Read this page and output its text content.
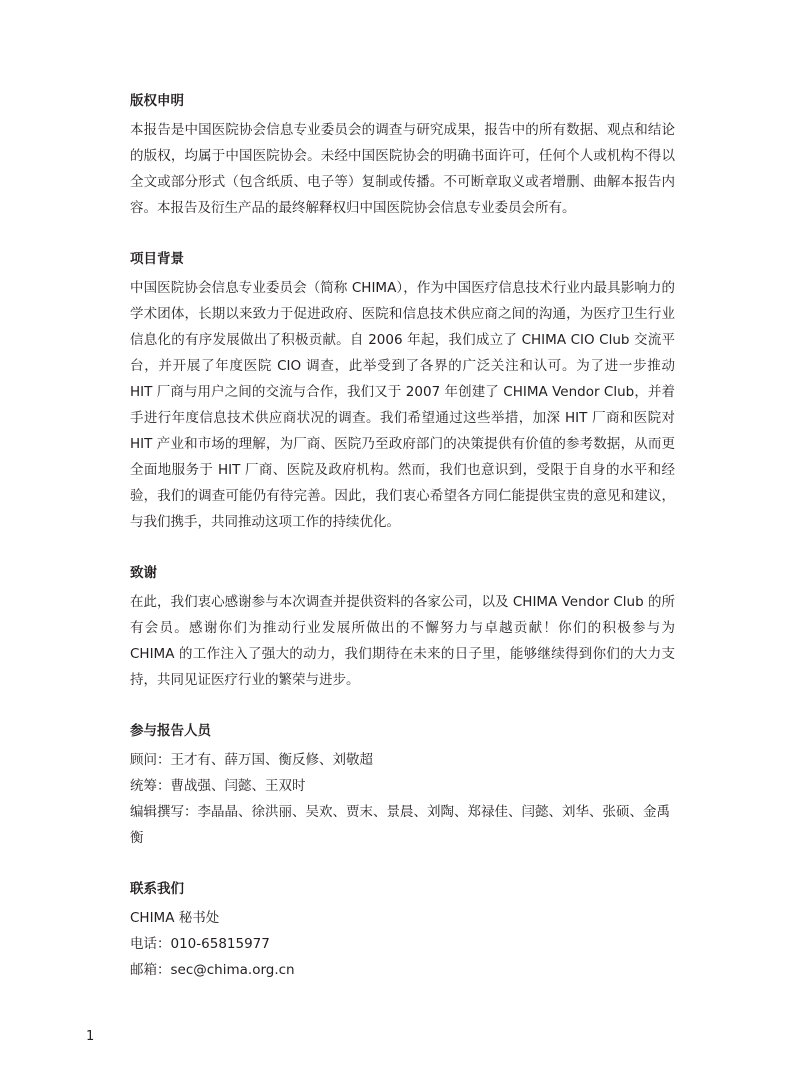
版权申明

本报告是中国医院协会信息专业委员会的调查与研究成果，报告中的所有数据、观点和结论的版权，均属于中国医院协会。未经中国医院协会的明确书面许可，任何个人或机构不得以全文或部分形式（包含纸质、电子等）复制或传播。不可断章取义或者增删、曲解本报告内容。本报告及衍生产品的最终解释权归中国医院协会信息专业委员会所有。

项目背景

中国医院协会信息专业委员会（简称 CHIMA），作为中国医疗信息技术行业内最具影响力的学术团体，长期以来致力于促进政府、医院和信息技术供应商之间的沟通，为医疗卫生行业信息化的有序发展做出了积极贡献。自 2006 年起，我们成立了 CHIMA CIO Club 交流平台，并开展了年度医院 CIO 调查，此举受到了各界的广泛关注和认可。为了进一步推动 HIT 厂商与用户之间的交流与合作，我们又于 2007 年创建了 CHIMA Vendor Club，并着手进行年度信息技术供应商状况的调查。我们希望通过这些举措，加深 HIT 厂商和医院对 HIT 产业和市场的理解，为厂商、医院乃至政府部门的决策提供有价值的参考数据，从而更全面地服务于 HIT 厂商、医院及政府机构。然而，我们也意识到，受限于自身的水平和经验，我们的调查可能仍有待完善。因此，我们衷心希望各方同仁能提供宝贵的意见和建议，与我们携手，共同推动这项工作的持续优化。

致谢

在此，我们衷心感谢参与本次调查并提供资料的各家公司，以及 CHIMA Vendor Club 的所有会员。感谢你们为推动行业发展所做出的不懈努力与卓越贡献！你们的积极参与为 CHIMA 的工作注入了强大的动力，我们期待在未来的日子里，能够继续得到你们的大力支持，共同见证医疗行业的繁荣与进步。

参与报告人员

顾问：王才有、薛万国、衡反修、刘敬超

统筹：曹战强、闫懿、王双时

编辑撰写：李晶晶、徐洪丽、吴欢、贾末、景晨、刘陶、郑禄佳、闫懿、刘华、张硕、金禹衡

联系我们

CHIMA 秘书处

电话：010-65815977

邮箱：sec@chima.org.cn

1
